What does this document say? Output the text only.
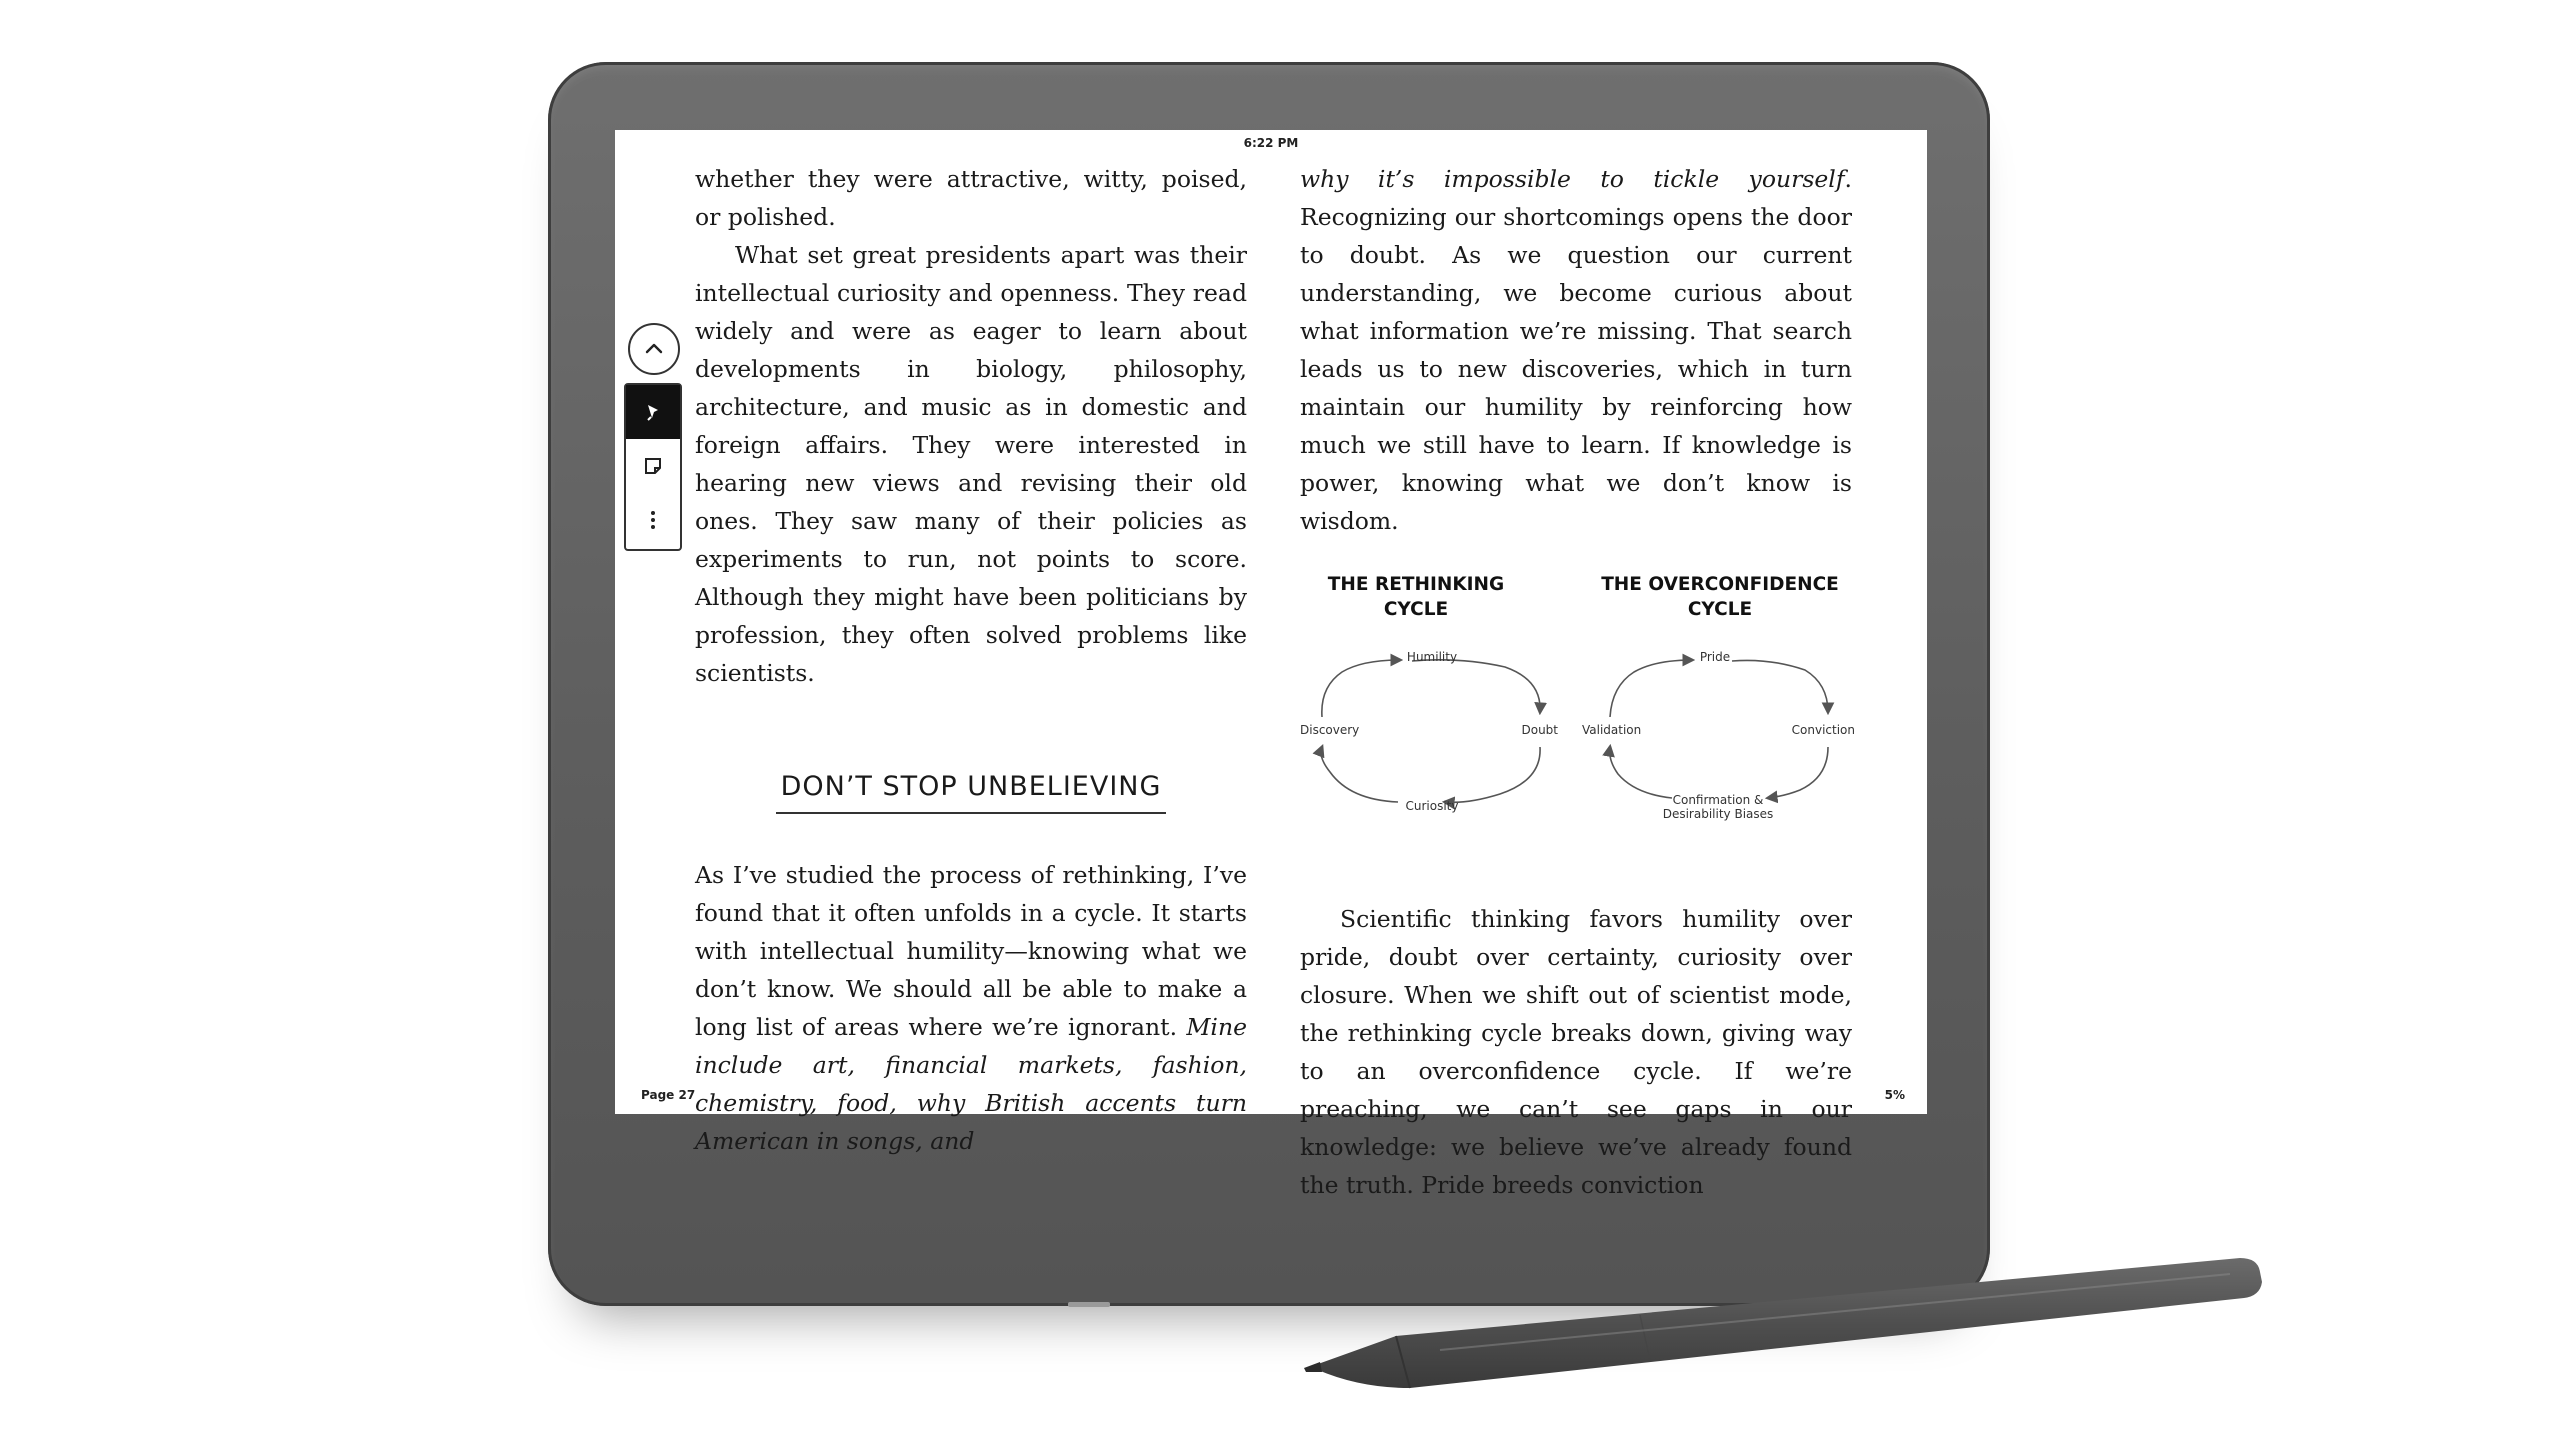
6:22 PM

whether they were attractive, witty, poised, or polished.

What set great presidents apart was their intellectual curiosity and openness. They read widely and were as eager to learn about developments in biology, philosophy, architecture, and music as in domestic and foreign affairs. They were interested in hearing new views and revising their old ones. They saw many of their policies as experiments to run, not points to score. Although they might have been politicians by profession, they often solved problems like scientists.

DON’T STOP UNBELIEVING

As I’ve studied the process of rethinking, I’ve found that it often unfolds in a cycle. It starts with intellectual humility—knowing what we don’t know. We should all be able to make a long list of areas where we’re ignorant. Mine include art, financial markets, fashion, chemistry, food, why British accents turn American in songs, and

why it’s impossible to tickle yourself. Recognizing our shortcomings opens the door to doubt. As we question our current understanding, we become curious about what information we’re missing. That search leads us to new discoveries, which in turn maintain our humility by reinforcing how much we still have to learn. If knowledge is power, knowing what we don’t know is wisdom.

THE RETHINKING
CYCLE
THE OVERCONFIDENCE
CYCLE
Humility
Doubt
Curiosity
Discovery
Pride
Conviction
Confirmation &
Desirability Biases
Validation

Scientific thinking favors humility over pride, doubt over certainty, curiosity over closure. When we shift out of scientist mode, the rethinking cycle breaks down, giving way to an overconfidence cycle. If we’re preaching, we can’t see gaps in our knowledge: we believe we’ve already found the truth. Pride breeds conviction

Page 27	5%
